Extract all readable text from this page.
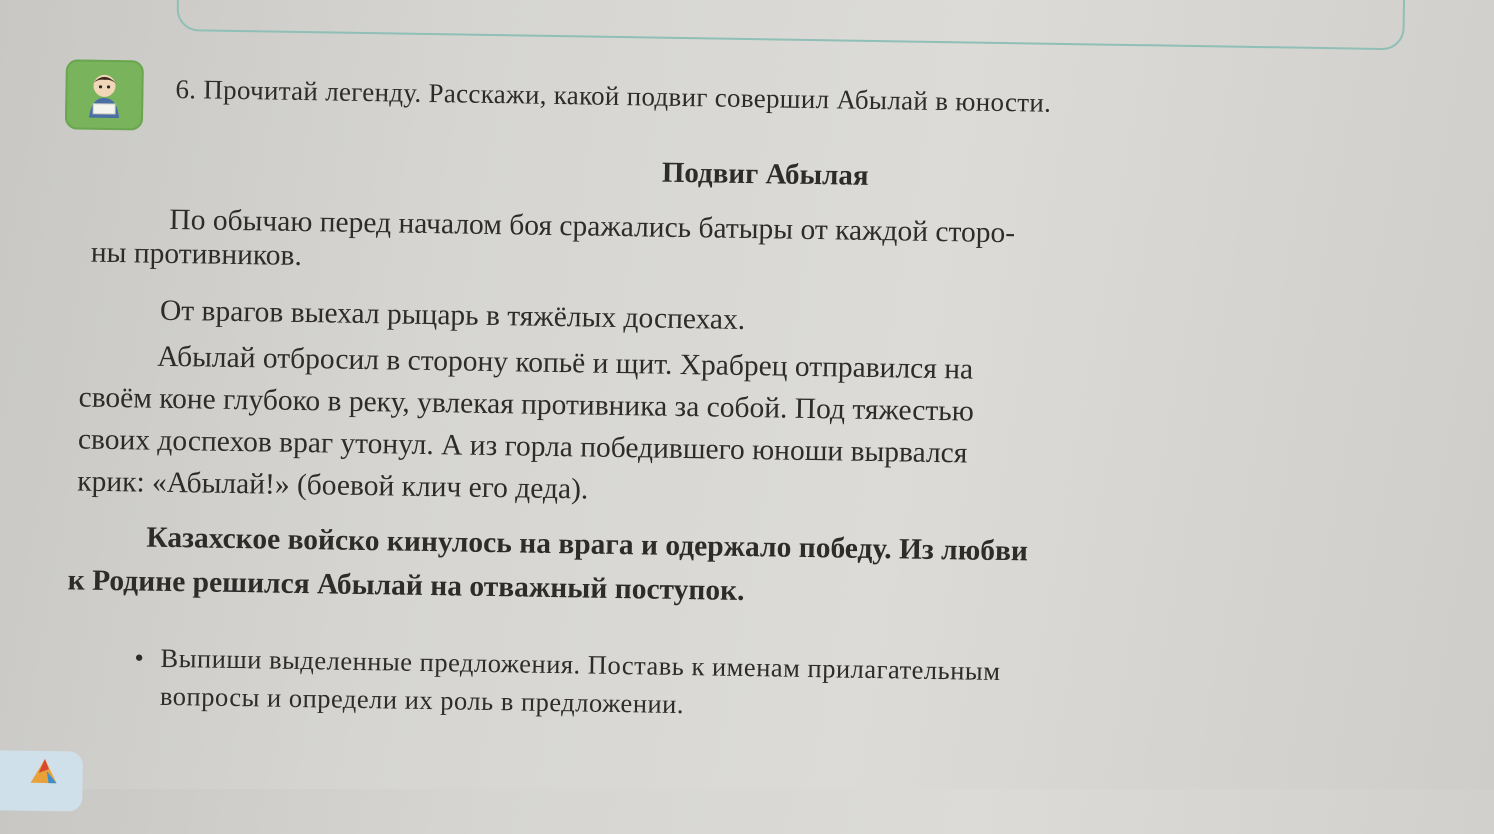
6. Прочитай легенду. Расскажи, какой подвиг совершил Абылай в юности.
Подвиг Абылая
По обычаю перед началом боя сражались батыры от каждой сторо-
ны противников.
От врагов выехал рыцарь в тяжёлых доспехах.
Абылай отбросил в сторону копьё и щит. Храбрец отправился на
своём коне глубоко в реку, увлекая противника за собой. Под тяжестью
своих доспехов враг утонул. А из горла победившего юноши вырвался
крик: «Абылай!» (боевой клич его деда).
Казахское войско кинулось на врага и одержало победу. Из любви
к Родине решился Абылай на отважный поступок.
• Выпиши выделенные предложения. Поставь к именам прилагательным
вопросы и определи их роль в предложении.
